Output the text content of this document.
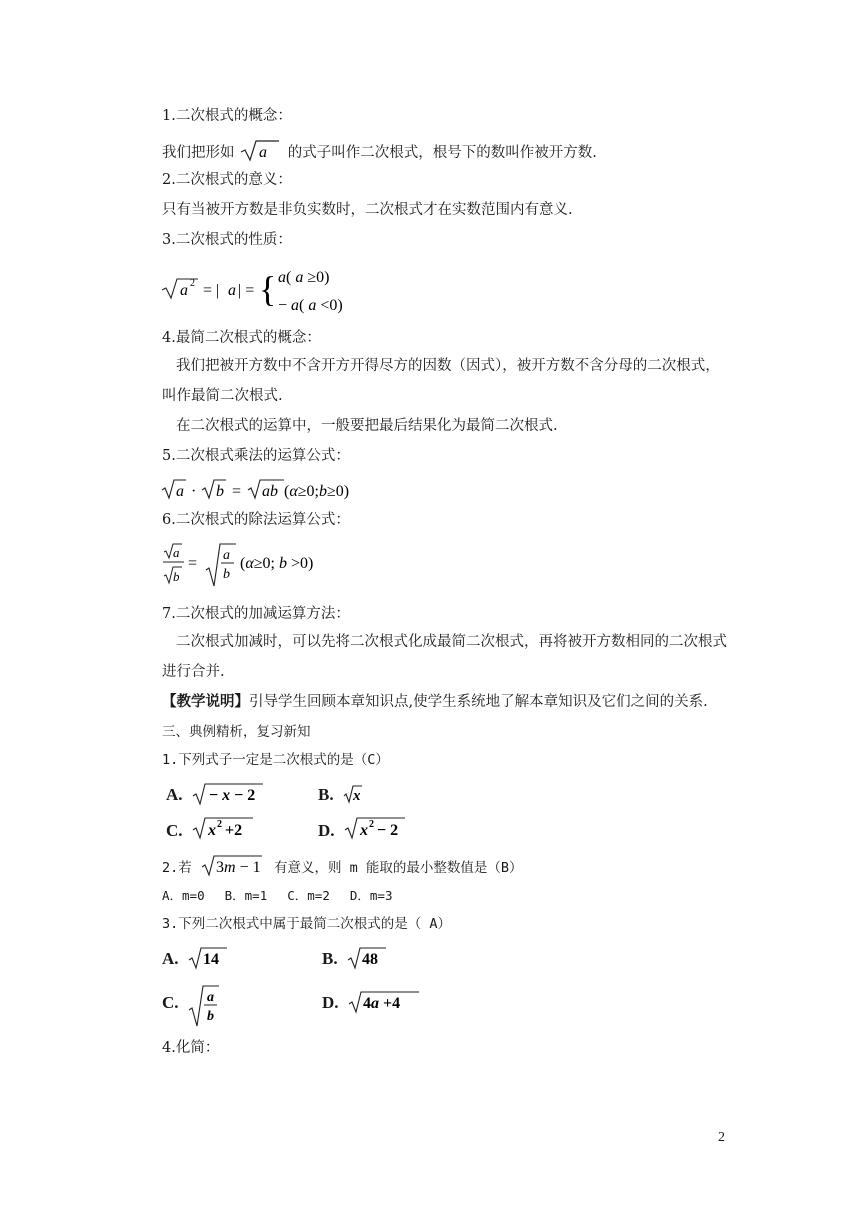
1.二次根式的概念：
我们把形如 a 的式子叫作二次根式，根号下的数叫作被开方数.
2.二次根式的意义：
只有当被开方数是非负实数时，二次根式才在实数范围内有意义.
3.二次根式的性质：
a 2 = | a | = { a( a ≥0)
− a( a <0)
4.最简二次根式的概念：
我们把被开方数中不含开方开得尽方的因数（因式），被开方数不含分母的二次根式，
叫作最简二次根式.
在二次根式的运算中，一般要把最后结果化为最简二次根式.
5.二次根式乘法的运算公式：
a · b = ab (α≥0;b≥0)
6.二次根式的除法运算公式：
a
b
= a
b
(α≥0; b >0)
7.二次根式的加减运算方法：
二次根式加减时，可以先将二次根式化成最简二次根式，再将被开方数相同的二次根式
进行合并.
【教学说明】引导学生回顾本章知识点,使学生系统地了解本章知识及它们之间的关系.
三、典例精析，复习新知
1.下列式子一定是二次根式的是（C）
A. − x − 2	B. x
C. x 2 +2	D. x 2 − 2
2.若 3m − 1 有意义，则 m 能取的最小整数值是（B）
A．m=0　 B．m=1　 C．m=2　 D．m=3
3.下列二次根式中属于最简二次根式的是（ A）
A. 14	B. 48
C. a
b
D. 4a +4
4.化简：
2
